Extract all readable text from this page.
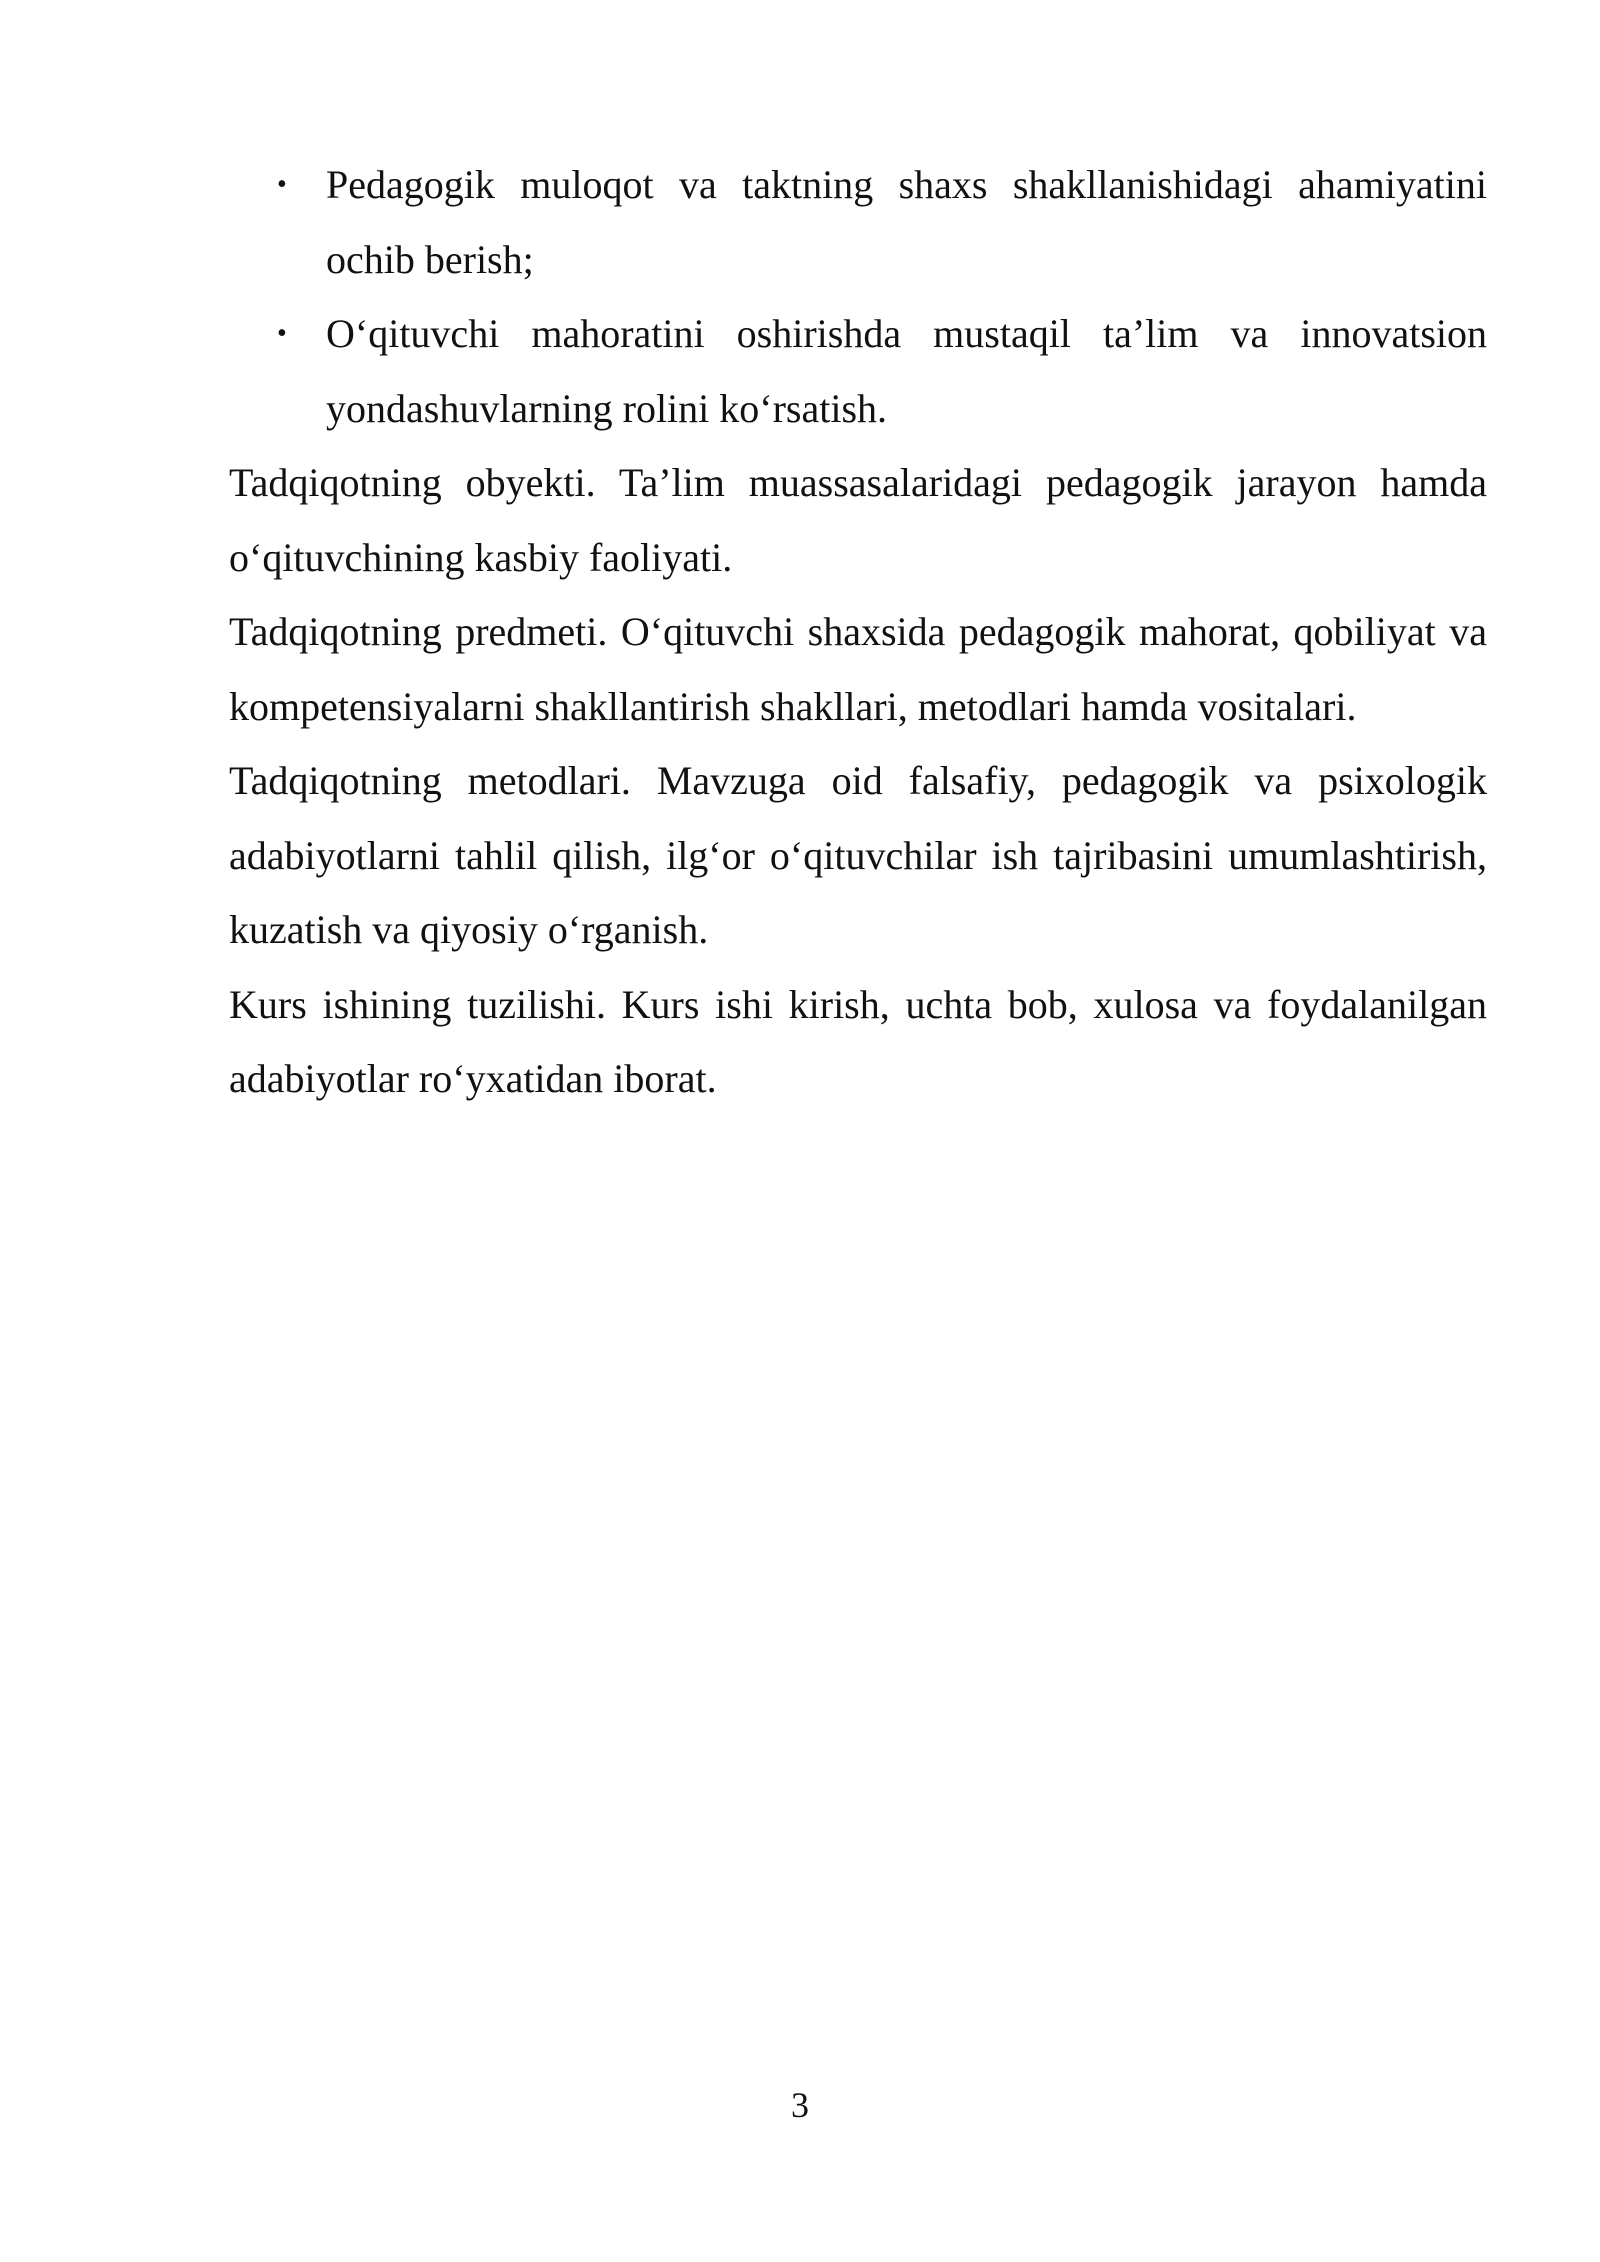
• Pedagogik muloqot va taktning shaxs shakllanishidagi ahamiyatini ochib berish;
• O‘qituvchi mahoratini oshirishda mustaqil ta’lim va innovatsion yondashuvlarning rolini ko‘rsatish.

Tadqiqotning obyekti. Ta’lim muassasalaridagi pedagogik jarayon hamda o‘qituvchining kasbiy faoliyati.

Tadqiqotning predmeti. O‘qituvchi shaxsida pedagogik mahorat, qobiliyat va kompetensiyalarni shakllantirish shakllari, metodlari hamda vositalari.

Tadqiqotning metodlari. Mavzuga oid falsafiy, pedagogik va psixologik adabiyotlarni tahlil qilish, ilg‘or o‘qituvchilar ish tajribasini umumlashtirish, kuzatish va qiyosiy o‘rganish.

Kurs ishining tuzilishi. Kurs ishi kirish, uchta bob, xulosa va foydalanilgan adabiyotlar ro‘yxatidan iborat.

3
